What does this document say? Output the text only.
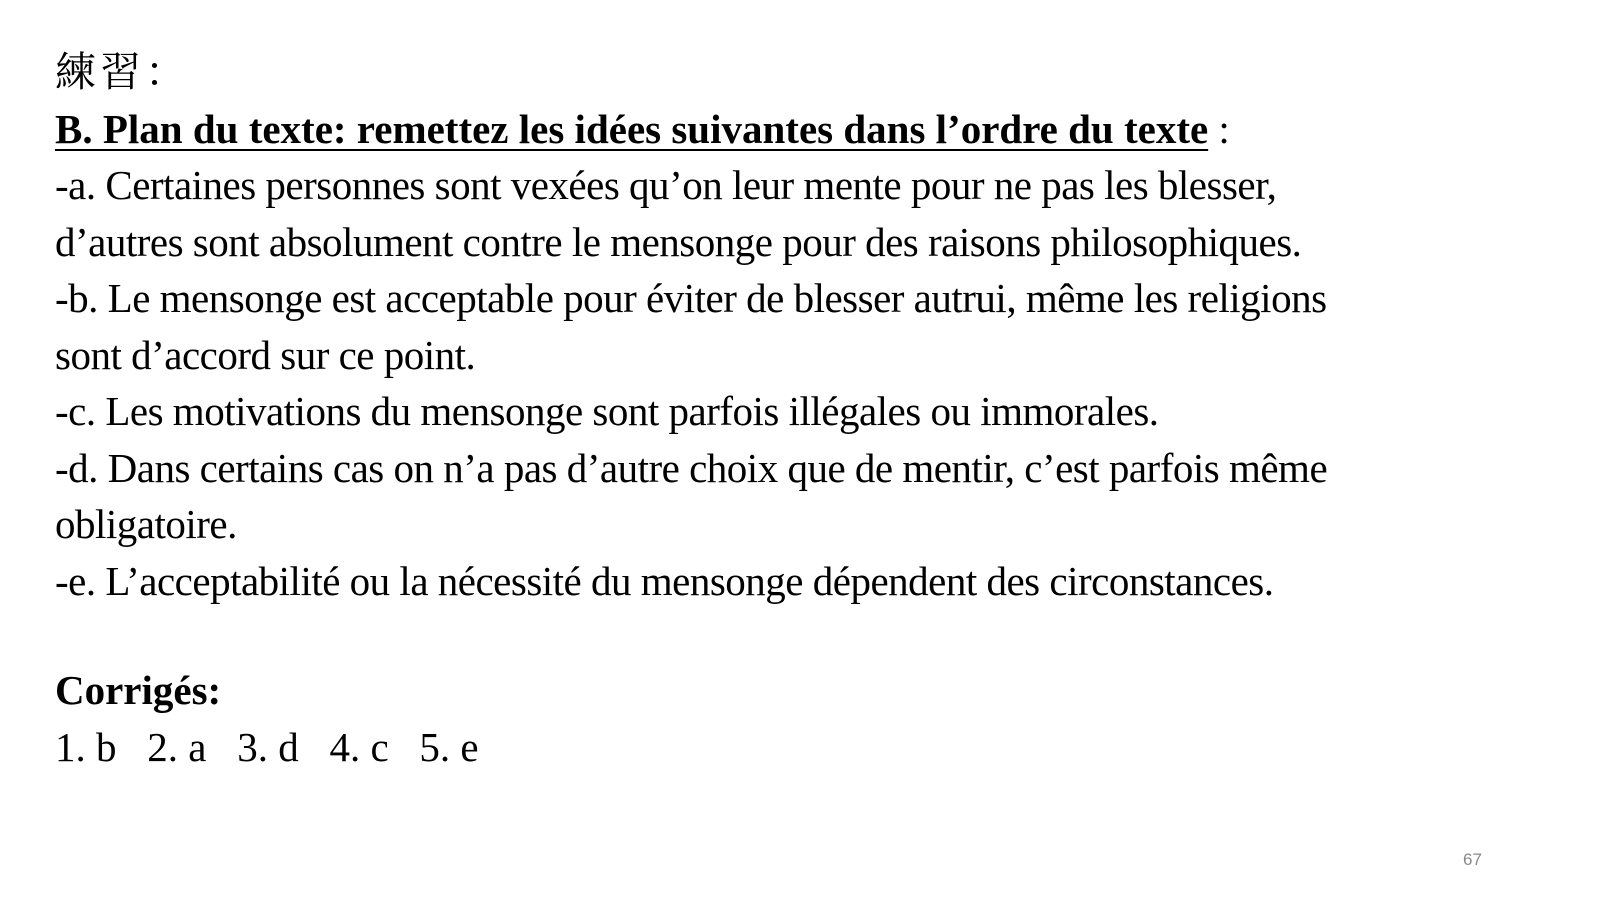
練習：
B. Plan du texte: remettez les idées suivantes dans l’ordre du texte :
-a. Certaines personnes sont vexées qu’on leur mente pour ne pas les blesser,
d’autres sont absolument contre le mensonge pour des raisons philosophiques.
-b. Le mensonge est acceptable pour éviter de blesser autrui, même les religions
sont d’accord sur ce point.
-c. Les motivations du mensonge sont parfois illégales ou immorales.
-d. Dans certains cas on n’a pas d’autre choix que de mentir, c’est parfois même
obligatoire.
-e. L’acceptabilité ou la nécessité du mensonge dépendent des circonstances.
Corrigés:
1. b   2. a   3. d   4. c   5. e
67
